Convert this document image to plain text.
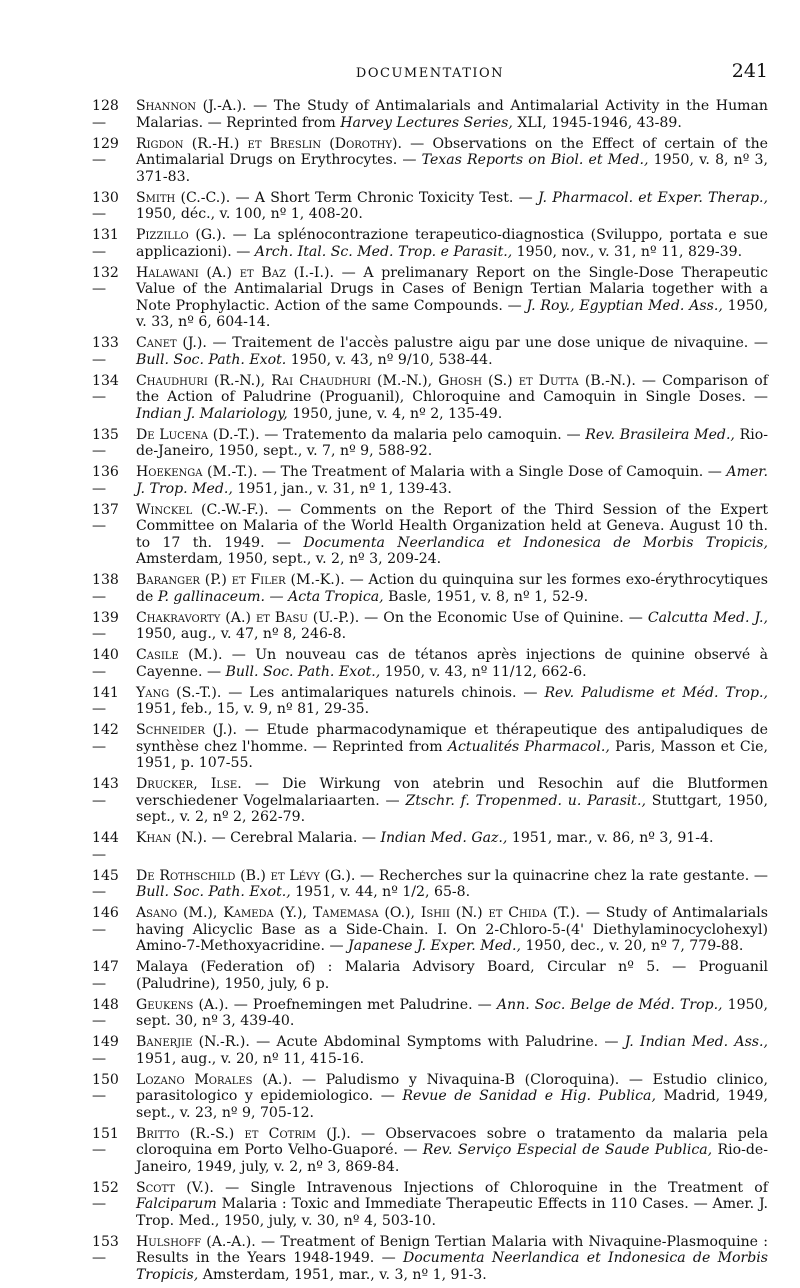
DOCUMENTATION	241
128 —
Shannon (J.-A.). — The Study of Antimalarials and Antimalarial Activity in the Human Malarias. — Reprinted from Harvey Lectures Series, XLI, 1945-1946, 43-89.
129 —
Rigdon (R.-H.) et Breslin (Dorothy). — Observations on the Effect of certain of the Antimalarial Drugs on Erythrocytes. — Texas Reports on Biol. et Med., 1950, v. 8, nº 3, 371-83.
130 —
Smith (C.-C.). — A Short Term Chronic Toxicity Test. — J. Pharmacol. et Exper. Therap., 1950, déc., v. 100, nº 1, 408-20.
131 —
Pizzillo (G.). — La splénocontrazione terapeutico-diagnostica (Sviluppo, portata e sue applicazioni). — Arch. Ital. Sc. Med. Trop. e Parasit., 1950, nov., v. 31, nº 11, 829-39.
132 —
Halawani (A.) et Baz (I.-I.). — A prelimanary Report on the Single-Dose Therapeutic Value of the Antimalarial Drugs in Cases of Benign Tertian Malaria together with a Note Prophylactic. Action of the same Compounds. — J. Roy., Egyptian Med. Ass., 1950, v. 33, nº 6, 604-14.
133 —
Canet (J.). — Traitement de l'accès palustre aigu par une dose unique de nivaquine. — Bull. Soc. Path. Exot. 1950, v. 43, nº 9/10, 538-44.
134 —
Chaudhuri (R.-N.), Rai Chaudhuri (M.-N.), Ghosh (S.) et Dutta (B.-N.). — Comparison of the Action of Paludrine (Proguanil), Chloroquine and Camoquin in Single Doses. — Indian J. Malariology, 1950, june, v. 4, nº 2, 135-49.
135 —
De Lucena (D.-T.). — Tratemento da malaria pelo camoquin. — Rev. Brasileira Med., Rio-de-Janeiro, 1950, sept., v. 7, nº 9, 588-92.
136 —
Hoekenga (M.-T.). — The Treatment of Malaria with a Single Dose of Camoquin. — Amer. J. Trop. Med., 1951, jan., v. 31, nº 1, 139-43.
137 —
Winckel (C.-W.-F.). — Comments on the Report of the Third Session of the Expert Committee on Malaria of the World Health Organization held at Geneva. August 10 th. to 17 th. 1949. — Documenta Neerlandica et Indonesica de Morbis Tropicis, Amsterdam, 1950, sept., v. 2, nº 3, 209-24.
138 —
Baranger (P.) et Filer (M.-K.). — Action du quinquina sur les formes exo-érythrocytiques de P. gallinaceum. — Acta Tropica, Basle, 1951, v. 8, nº 1, 52-9.
139 —
Chakravorty (A.) et Basu (U.-P.). — On the Economic Use of Quinine. — Calcutta Med. J., 1950, aug., v. 47, nº 8, 246-8.
140 —
Casile (M.). — Un nouveau cas de tétanos après injections de quinine observé à Cayenne. — Bull. Soc. Path. Exot., 1950, v. 43, nº 11/12, 662-6.
141 —
Yang (S.-T.). — Les antimalariques naturels chinois. — Rev. Paludisme et Méd. Trop., 1951, feb., 15, v. 9, nº 81, 29-35.
142 —
Schneider (J.). — Etude pharmacodynamique et thérapeutique des antipaludiques de synthèse chez l'homme. — Reprinted from Actualités Pharmacol., Paris, Masson et Cie, 1951, p. 107-55.
143 —
Drucker, Ilse. — Die Wirkung von atebrin und Resochin auf die Blutformen verschiedener Vogelmalariaarten. — Ztschr. f. Tropenmed. u. Parasit., Stuttgart, 1950, sept., v. 2, nº 2, 262-79.
144 —
Khan (N.). — Cerebral Malaria. — Indian Med. Gaz., 1951, mar., v. 86, nº 3, 91-4.
145 —
De Rothschild (B.) et Lévy (G.). — Recherches sur la quinacrine chez la rate gestante. — Bull. Soc. Path. Exot., 1951, v. 44, nº 1/2, 65-8.
146 —
Asano (M.), Kameda (Y.), Tamemasa (O.), Ishii (N.) et Chida (T.). — Study of Antimalarials having Alicyclic Base as a Side-Chain. I. On 2-Chloro-5-(4' Diethylaminocyclohexyl) Amino-7-Methoxyacridine. — Japanese J. Exper. Med., 1950, dec., v. 20, nº 7, 779-88.
147 —
Malaya (Federation of) : Malaria Advisory Board, Circular nº 5. — Proguanil (Paludrine), 1950, july, 6 p.
148 —
Geukens (A.). — Proefnemingen met Paludrine. — Ann. Soc. Belge de Méd. Trop., 1950, sept. 30, nº 3, 439-40.
149 —
Banerjie (N.-R.). — Acute Abdominal Symptoms with Paludrine. — J. Indian Med. Ass., 1951, aug., v. 20, nº 11, 415-16.
150 —
Lozano Morales (A.). — Paludismo y Nivaquina-B (Cloroquina). — Estudio clinico, parasitologico y epidemiologico. — Revue de Sanidad e Hig. Publica, Madrid, 1949, sept., v. 23, nº 9, 705-12.
151 —
Britto (R.-S.) et Cotrim (J.). — Observacoes sobre o tratamento da malaria pela cloroquina em Porto Velho-Guaporé. — Rev. Serviço Especial de Saude Publica, Rio-de-Janeiro, 1949, july, v. 2, nº 3, 869-84.
152 —
Scott (V.). — Single Intravenous Injections of Chloroquine in the Treatment of Falciparum Malaria : Toxic and Immediate Therapeutic Effects in 110 Cases. — Amer. J. Trop. Med., 1950, july, v. 30, nº 4, 503-10.
153 —
Hulshoff (A.-A.). — Treatment of Benign Tertian Malaria with Nivaquine-Plasmoquine : Results in the Years 1948-1949. — Documenta Neerlandica et Indonesica de Morbis Tropicis, Amsterdam, 1951, mar., v. 3, nº 1, 91-3.
